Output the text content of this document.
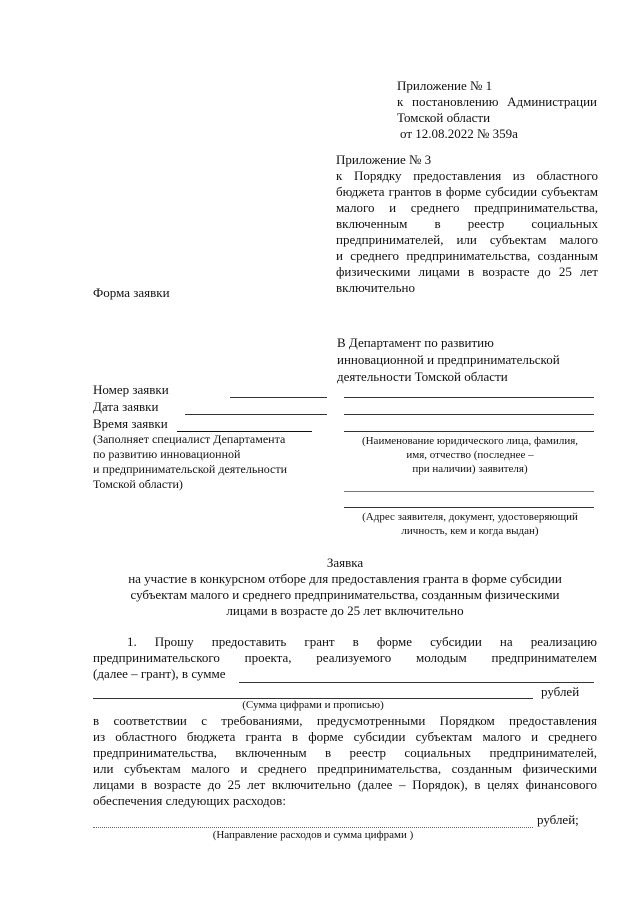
Приложение № 1
к постановлению Администрации
Томской области
от 12.08.2022 № 359а
Приложение № 3
к Порядку предоставления из областного
бюджета грантов в форме субсидии субъектам
малого и среднего предпринимательства,
включенным в реестр социальных
предпринимателей, или субъектам малого
и среднего предпринимательства, созданным
физическими лицами в возрасте до 25 лет
включительно
Форма заявки
В Департамент по развитию
инновационной и предпринимательской
деятельности Томской области
Номер заявки
Дата заявки
Время заявки
(Заполняет специалист Департамента
по развитию инновационной
и предпринимательской деятельности
Томской области)
(Наименование юридического лица, фамилия,
имя, отчество (последнее –
при наличии) заявителя)
(Адрес заявителя, документ, удостоверяющий
личность, кем и когда выдан)
Заявка
на участие в конкурсном отборе для предоставления гранта в форме субсидии
субъектам малого и среднего предпринимательства, созданным физическими
лицами в возрасте до 25 лет включительно
1. Прошу предоставить грант в форме субсидии на реализацию
предпринимательского проекта, реализуемого молодым предпринимателем
(далее – грант), в сумме
рублей
(Сумма цифрами и прописью)
в соответствии с требованиями, предусмотренными Порядком предоставления
из областного бюджета гранта в форме субсидии субъектам малого и среднего
предпринимательства, включенным в реестр социальных предпринимателей,
или субъектам малого и среднего предпринимательства, созданным физическими
лицами в возрасте до 25 лет включительно (далее – Порядок), в целях финансового
обеспечения следующих расходов:
рублей;
(Направление расходов и сумма цифрами )
